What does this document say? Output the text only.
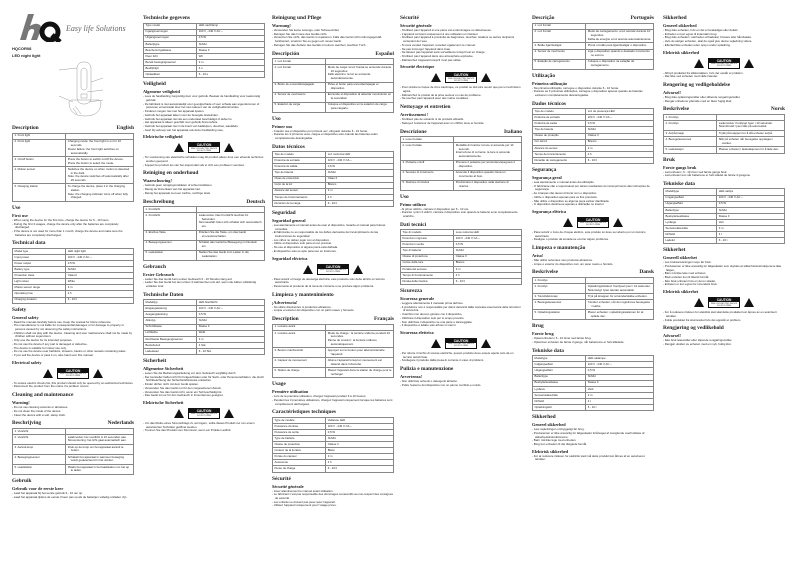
Easy life Solutions
HQCOR08
LED night light
Description	English
1. Front light	
2. Front light	Charging mode: the front light is on for 10 seconds.
Power failure: the front light switches on automatically.

3. On/off button	Press the button to switch on/off the device.
Press the button to select the mode.

4. Motion sensor	Switches the device on when motion is detected in the dark.
Note: the device switches off automatically after 20 seconds.

5. Charging station	To charge the device, place it in the charging station.
Note: the charging indicator turns off when fully charged.
Use
First use

- When using the device for the first time, charge the device for 6 - 10 hours.

- During the first 3 usages, charge the device only after the batteries are completely discharged.

- If the device is not used for more than 1 month, charge the device and make sure the batteries are completely discharged.

Technical data
Model type	LED night light
Input power	100 V - 240 V AC ~
Power output	0.5 W
Battery type	Ni-MH
Protection class	Class II
Light colour	White
Motion sensor range	3 m
Operating time	4 h
Charging duration	6 - 10 h
Safety
General safety

- Read the manual carefully before use. Keep the manual for future reference.

- The manufacturer is not liable for consequential damages or for damage to property or persons caused by not observing the safety instructions.

- Children shall not play with the device. Cleaning and user maintenance shall not be made by children without supervision.

- Only use the device for its intended purposes.

- Do not use the device if any part is damaged or defective.

- The device is suitable for indoor use only.

- Do not use the device near bathtubs, showers, basins or other vessels containing water.

- If you sell the device or pass it on, also hand over this manual.

Electrical safety
CAUTION
RISK OF ELECTRIC SHOCK DO NOT OPEN

- To reduce electric shock risk, this product should only be opened by an authorized technician.

- Disconnect the product from the mains if a problem occurs.

Cleaning and maintenance
Warning!

- Do not use cleaning solvents or abrasives.

- Do not clean the inside of the device.

- Clean the device with a soft, damp cloth.

Beschrijving	Nederlands
1. Voorlicht	
2. Voorlicht	Laadmodus: het voorlicht is 10 seconden aan.
Stroomstoring: het licht gaat automatisch aan.

3. Aan/uit-knop	Druk op de knop om het apparaat aan/uit te zetten.

4. Bewegingssensor	Schakelt het apparaat in wanneer beweging wordt gedetecteerd in het donker.

5. Laadstation	Plaats het apparaat in het laadstation om het op te laden.
Gebruik
Gebruik voor de eerste keer

- Laad het apparaat bij het eerste gebruik 6 - 10 uur op.

- Laad het apparaat tijdens de eerste 3 keer pas op als de batterijen volledig ontladen zijn.

Technische gegevens
Type model	LED-nachtlamp
Ingangsvermogen	100 V - 240 V AC ~
Uitgangsvermogen	0,5 W
Batterijtype	Ni-MH
Beschermingsklasse	Klasse II
Kleur licht	Wit
Bereik bewegingssensor	3 m
Bedrijfstijd	4 u
Oplaadduur	6 - 10 u
Veiligheid
Algemene veiligheid

- Lees de handleiding zorgvuldig door voor gebruik. Bewaar de handleiding voor toekomstig gebruik.

- De fabrikant is niet aansprakelijk voor gevolgschade of voor schade aan eigendommen of personen veroorzaakt door het niet naleven van de veiligheidsinstructies.

- Kinderen mogen niet met het apparaat spelen.

- Gebruik het apparaat alleen voor de beoogde doeleinden.

- Gebruik het apparaat niet als een onderdeel beschadigd of defect is.

- Het apparaat is alleen geschikt voor gebruik binnenshuis.

- Gebruik het apparaat niet in de buurt van badkuipen, douches, wastafels.

- Geef bij verkoop van het apparaat ook deze handleiding mee.

Elektrische veiligheid
CAUTION
RISK OF ELECTRIC SHOCK DO NOT OPEN

- Ter voorkoming van elektrische schokken mag dit product alleen door een erkende technicus worden geopend.

- Koppel het product los van het stopcontact als er zich een probleem voordoet.

Reiniging en onderhoud
Waarschuwing!

- Gebruik geen reinigingsmiddelen of schuurmiddelen.

- Reinig de binnenkant van het apparaat niet.

- Reinig het apparaat met een zachte, vochtige doek.

Beschreibung	Deutsch
1. Frontlicht	
2. Frontlicht	Lademodus: Das Frontlicht leuchtet 10 Sekunden.
Stromausfall: Das Licht schaltet sich automatisch ein.

3. Ein/Aus-Taste	Drücken Sie die Taste, um das Gerät ein-/auszuschalten.

4. Bewegungssensor	Schaltet das Gerät bei Bewegung im Dunkeln ein.

5. Ladestation	Stellen Sie das Gerät zum Laden in die Ladestation.
Gebrauch
Erster Gebrauch

- Laden Sie das Gerät beim ersten Gebrauch 6 - 10 Stunden lang auf.

- Laden Sie das Gerät bei den ersten 3 Gebrauchen erst auf, wenn die Akkus vollständig entladen sind.

Technische Daten
Modelltyp	LED-Nachtlicht
Eingangsleistung	100 V - 240 V AC ~
Ausgangsleistung	0,5 W
Akkutyp	Ni-MH
Schutzklasse	Klasse II
Lichtfarbe	Weiß
Reichweite Bewegungssensor	3 m
Betriebszeit	4 Std.
Ladedauer	6 - 10 Std.
Sicherheit
Allgemeine Sicherheit

- Lesen Sie die Bedienungsanleitung vor dem Gebrauch sorgfältig durch.

- Der Hersteller haftet nicht für Folgeschäden oder für Sach- oder Personenschäden, die durch Nichtbeachtung der Sicherheitshinweise entstehen.

- Kinder dürfen nicht mit dem Gerät spielen.

- Verwenden Sie das Gerät nur für den vorgesehenen Zweck.

- Verwenden Sie das Gerät nicht, wenn ein Teil beschädigt ist.

- Das Gerät ist nur für den Gebrauch in Innenräumen geeignet.

Elektrische Sicherheit
CAUTION
RISK OF ELECTRIC SHOCK DO NOT OPEN

- Um das Risiko eines Stromschlags zu verringern, sollte dieses Produkt nur von einem autorisierten Techniker geöffnet werden.

- Trennen Sie das Produkt vom Stromnetz, wenn ein Problem auftritt.

Reinigung und Pflege
Warnung!

- Verwenden Sie keine Lösungs- oder Scheuermittel.

- Reinigen Sie das Innere des Geräts nicht.

- Versuchen Sie nicht, das Gerät zu reparieren. Falls das Gerät nicht ordnungsgemäß funktioniert, ersetzen Sie es gegen ein neues Gerät.

- Reinigen Sie das Äußere des Geräts mit einem weichen, feuchten Tuch.

Descripción	Español
1. Luz frontal	
2. Luz frontal	Modo de carga: la luz frontal se enciende durante 10 segundos.
Fallo eléctrico: la luz se enciende automáticamente.

3. Botón de encendido/apagado	Pulse el botón para encender/apagar el dispositivo.

4. Sensor de movimiento	Enciende el dispositivo al detectar movimiento en la oscuridad.

5. Estación de carga	Coloque el dispositivo en la estación de carga para cargarlo.
Uso
Primer uso

- Cuando use el dispositivo por primera vez, cárguelo durante 6 - 10 horas.

- Durante los 3 primeros usos, cargue el dispositivo solo cuando las baterías estén completamente descargadas.

Datos técnicos
Tipo de modelo	Luz nocturna LED
Potencia de entrada	100 V - 240 V CA ~
Potencia de salida	0,5 W
Tipo de batería	Ni-MH
Clase de protección	Clase II
Color de la luz	Blanco
Alcance del sensor	3 m
Tiempo de funcionamiento	4 h
Duración de la carga	6 - 10 h
Seguridad
Seguridad general

- Lea atentamente el manual antes de usar el dispositivo. Guarde el manual para futuras consultas.

- El fabricante no es responsable de los daños derivados del incumplimiento de las instrucciones de seguridad.

- Los niños no deben jugar con el dispositivo.

- Utilice el dispositivo solo para el uso previsto.

- No use el dispositivo si alguna pieza está dañada.

- El dispositivo solo es apto para uso en interiores.

Seguridad eléctrica
CAUTION
RISK OF ELECTRIC SHOCK DO NOT OPEN

- Para reducir el riesgo de descarga eléctrica, este producto solo debe abrirlo un técnico autorizado.

- Desconecte el producto de la toma de corriente si se produce algún problema.

Limpieza y mantenimiento
¡Advertencia!

- No utilice disolventes ni productos abrasivos.

- Limpie el exterior del dispositivo con un paño suave y húmedo.

Description	Français
1. Lumière avant	
2. Lumière avant	Mode de charge : la lumière s'allume pendant 10 secondes.
Panne de courant : la lumière s'allume automatiquement.

3. Bouton marche/arrêt	Appuyez sur le bouton pour allumer/éteindre l'appareil.

4. Capteur de mouvement	Allume l'appareil lorsqu'un mouvement est détecté dans l'obscurité.

5. Station de charge	Placez l'appareil dans la station de charge pour le recharger.
Usage
Première utilisation

- Lors de la première utilisation, chargez l'appareil pendant 6 à 10 heures.

- Pendant les 3 premières utilisations, chargez l'appareil uniquement lorsque les batteries sont complètement déchargées.

Caractéristiques techniques
Type de modèle	Veilleuse LED
Puissance d'entrée	100 V - 240 V CA ~
Puissance de sortie	0,5 W
Type de batterie	Ni-MH
Classe de protection	Classe II
Couleur de la lumière	Blanc
Portée du capteur	3 m
Autonomie	4 h
Durée de charge	6 - 10 h
Sécurité
Sécurité générale

- Lisez attentivement le manuel avant utilisation.

- Le fabricant n'est pas responsable des dommages consécutifs au non-respect des consignes de sécurité.

- Les enfants ne doivent pas jouer avec l'appareil.

- Utilisez l'appareil uniquement pour l'usage prévu.

Sécurité
Sécurité générale

- N'utilisez pas l'appareil si une pièce est endommagée ou défectueuse.

- L'appareil convient uniquement à une utilisation en intérieur.

- N'utilisez pas l'appareil à proximité de baignoires, douches, lavabos ou autres récipients contenant de l'eau.

- Si vous vendez l'appareil, remettez également ce manuel.

- Ne pas immerger l'appareil dans l'eau.

- Ne laissez pas l'appareil sans surveillance lorsqu'il est en charge.

- N'utilisez pas l'appareil dans une atmosphère explosive.

- Débranchez l'appareil lorsqu'il n'est pas utilisé.

Sécurité électrique
CAUTION
RISK OF ELECTRIC SHOCK DO NOT OPEN

- Pour réduire le risque de choc électrique, ce produit ne doit être ouvert que par un technicien agréé.

- Débranchez le produit de la prise secteur en cas de problème.

- Ne touchez pas l'appareil avec des mains mouillées.

Nettoyage et entretien
Avertissement !

- N'utilisez pas de solvants ni de produits abrasifs.

- Nettoyez l'extérieur de l'appareil avec un chiffon doux et humide.

Descrizione	Italiano
1. Luce frontale	
2. Luce frontale	Modalità di ricarica: la luce si accende per 10 secondi.
Interruzione di corrente: la luce si accende automaticamente.

3. Pulsante on/off	Premere il pulsante per accendere/spegnere il dispositivo.

4. Sensore di movimento	Accende il dispositivo quando rileva un movimento al buio.

5. Stazione di ricarica	Posizionare il dispositivo nella stazione di ricarica.
Uso
Primo utilizzo

- Al primo utilizzo, caricare il dispositivo per 6 - 10 ore.

- Durante i primi 3 utilizzi, caricare il dispositivo solo quando le batterie sono completamente scariche.

Dati tecnici
Tipo di modello	Luce notturna LED
Potenza in ingresso	100 V - 240 V CA ~
Potenza in uscita	0,5 W
Tipo di batteria	Ni-MH
Classe di protezione	Classe II
Colore della luce	Bianco
Portata del sensore	3 m
Tempo di funzionamento	4 h
Durata della ricarica	6 - 10 h
Sicurezza
Sicurezza generale

- Leggere attentamente il manuale prima dell'uso.

- Il produttore non è responsabile per danni derivanti dalla mancata osservanza delle istruzioni di sicurezza.

- I bambini non devono giocare con il dispositivo.

- Utilizzare il dispositivo solo per lo scopo previsto.

- Non utilizzare il dispositivo se una parte è danneggiata.

- Il dispositivo è adatto solo all'uso in interni.

Sicurezza elettrica
CAUTION
RISK OF ELECTRIC SHOCK DO NOT OPEN

- Per ridurre il rischio di scosse elettriche, questo prodotto deve essere aperto solo da un tecnico autorizzato.

- Scollegare il prodotto dalla presa di corrente in caso di problemi.

Pulizia e manutenzione
Avvertenza!

- Non utilizzare solventi o detergenti abrasivi.

- Pulire l'esterno del dispositivo con un panno morbido e umido.

Descrição	Português
1. Luz frontal	
2. Luz frontal	Modo de carregamento: a luz acende durante 10 segundos.
Falha de energia: a luz acende automaticamente.

3. Botão ligar/desligar	Prima o botão para ligar/desligar o dispositivo.

4. Sensor de movimento	Liga o dispositivo quando é detetado movimento no escuro.

5. Estação de carregamento	Coloque o dispositivo na estação de carregamento.
Utilização
Primeira utilização

- Na primeira utilização, carregue o dispositivo durante 6 - 10 horas.

- Durante as 3 primeiras utilizações, carregue o dispositivo apenas quando as baterias estiverem completamente descarregadas.

Dados técnicos
Tipo de modelo	Luz de presença LED
Potência de entrada	100 V - 240 V CA ~
Potência de saída	0,5 W
Tipo de bateria	Ni-MH
Classe de proteção	Classe II
Cor da luz	Branco
Alcance do sensor	3 m
Tempo de funcionamento	4 h
Duração do carregamento	6 - 10 h
Segurança
Segurança geral

- Leia atentamente o manual antes da utilização.

- O fabricante não é responsável por danos resultantes do incumprimento das instruções de segurança.

- As crianças não devem brincar com o dispositivo.

- Utilize o dispositivo apenas para os fins previstos.

- Não utilize o dispositivo se alguma peça estiver danificada.

- O dispositivo destina-se apenas a utilização no interior.

Segurança elétrica
CAUTION
RISK OF ELECTRIC SHOCK DO NOT OPEN

- Para reduzir o risco de choque elétrico, este produto só deve ser aberto por um técnico autorizado.

- Desligue o produto da tomada se ocorrer algum problema.

Limpeza e manutenção
Aviso!

- Não utilize solventes nem produtos abrasivos.

- Limpe o exterior do dispositivo com um pano macio e húmido.

Beskrivelse	Dansk
1. Frontlys	
2. Frontlys	Opladningstilstand: frontlyset lyser i 10 sekunder.
Strømsvigt: lyset tænder automatisk.

3. Tænd/sluk-knap	Tryk på knappen for at tænde/slukke enheden.

4. Bevægelsessensor	Tænder enheden, når der registreres bevægelse i mørke.

5. Opladningsstation	Placer enheden i opladningsstationen for at oplade den.
Brug
Første brug

- Oplad enheden i 6 - 10 timer ved første brug.

- Oplad kun enheden de første 3 gange, når batterierne er helt afladede.

Tekniske data
Modeltype	LED-natlampe
Indgangseffekt	100 V - 240 V AC ~
Udgangseffekt	0,5 W
Batteritype	Ni-MH
Beskyttelsesklasse	Klasse II
Lysfarve	Hvid
Sensorrækkevidde	3 m
Driftstid	4 t
Opladningstid	6 - 10 t
Sikkerhed
Generel sikkerhed

- Læs vejledningen omhyggeligt før brug.

- Producenten er ikke ansvarlig for følgeskader forårsaget af manglende overholdelse af sikkerhedsinstruktionerne.

- Børn må ikke lege med enheden.

- Brug kun enheden til det tilsigtede formål.

Elektrisk sikkerhed

- For at reducere risikoen for elektrisk stød må dette produkt kun åbnes af en autoriseret tekniker.

Sikkerhed
Generel sikkerhed

- Brug ikke enheden, hvis en del er beskadiget eller defekt.

- Enheden er kun egnet til indendørs brug.

- Brug ikke enheden i nærheden af badekar, brusere eller håndvaske.

- Hvis du sælger enheden, skal du også give denne vejledning videre.

- Efterlad ikke enheden uden opsyn under opladning.

Elektrisk sikkerhed
CAUTION
RISK OF ELECTRIC SHOCK DO NOT OPEN

- Afbryd produktet fra stikkontakten, hvis der opstår et problem.

- Rør ikke ved enheden med våde hænder.

Rengøring og vedligeholdelse
Advarsel!

- Brug ikke opløsningsmidler eller slibende rengøringsmidler.

- Rengør enhedens yderside med en blød, fugtig klud.

Beskrivelse	Norsk
1. Frontlys	
2. Frontlys	Lademodus: frontlyset lyser i 10 sekunder.
Strømbrudd: lyset slås på automatisk.

3. Av/på-knapp	Trykk på knappen for å slå enheten av/på.

4. Bevegelsessensor	Slår på enheten når bevegelse oppdages i mørket.

5. Ladestasjon	Plasser enheten i ladestasjonen for å lade den.
Bruk
Første gangs bruk

- Lad enheten i 6 - 10 timer ved første gangs bruk.

- Lad enheten kun når batteriene er helt utladet de første 3 gangene.

Tekniske data
Modelltype	LED-nattlys
Inngangseffekt	100 V - 240 V AC ~
Utgangseffekt	0,5 W
Batteritype	Ni-MH
Beskyttelsesklasse	Klasse II
Lysfarge	Hvit
Sensorrekkevidde	3 m
Driftstid	4 t
Ladetid	6 - 10 t
Sikkerhet
Generell sikkerhet

- Les bruksanvisningen nøye før bruk.

- Produsenten er ikke ansvarlig for følgeskader som skyldes at sikkerhetsinstruksjonene ikke følges.

- Barn må ikke leke med enheten.

- Bruk enheten kun til tiltenkt formål.

- Ikke bruk enheten hvis en del er skadet.

- Enheten er kun egnet for innendørs bruk.

Elektrisk sikkerhet
CAUTION
RISK OF ELECTRIC SHOCK DO NOT OPEN

- For å redusere risikoen for elektrisk støt skal dette produktet kun åpnes av en autorisert tekniker.

- Koble produktet fra strømnettet hvis det oppstår et problem.

Rengjøring og vedlikehold
Advarsel!

- Ikke bruk løsemidler eller slipende rengjøringsmidler.

- Rengjør utsiden av enheten med en myk, fuktig klut.
